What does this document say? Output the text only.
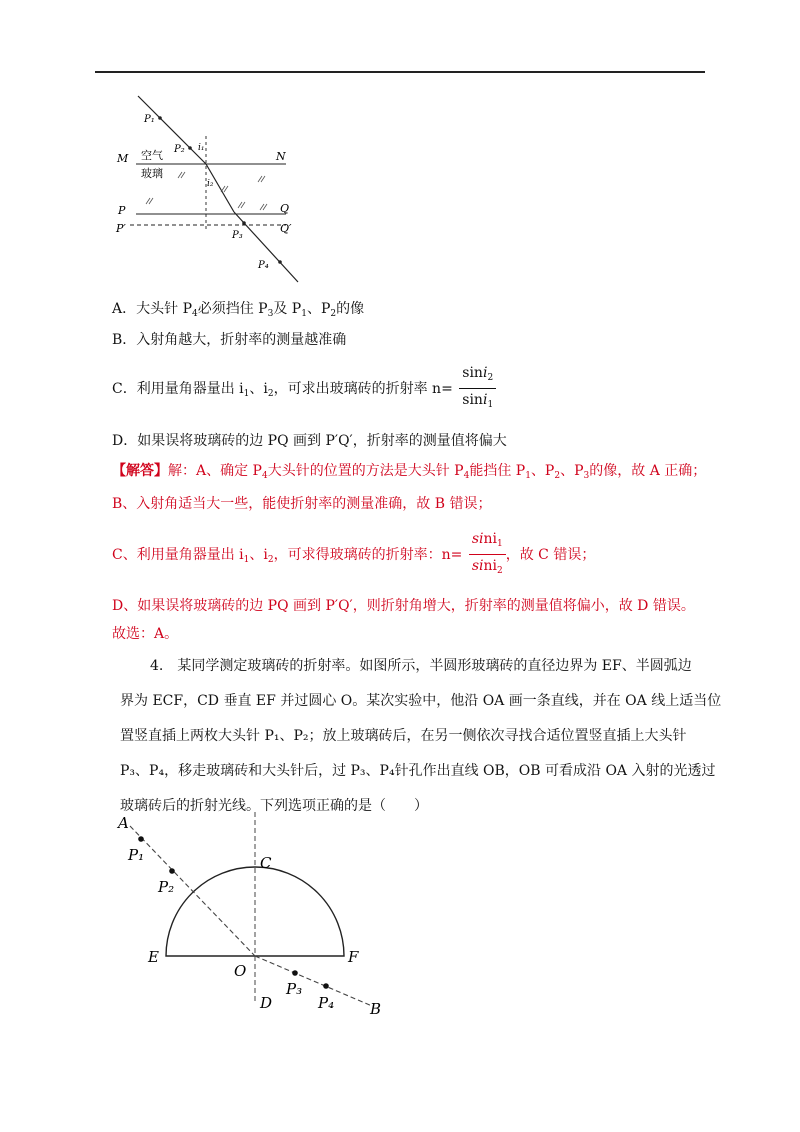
P₁
P₂ i₁
i₂
M	N
P	Q
P′	Q′
P₃
P₄
空气
玻璃
A．大头针 $P_4$必须挡住 $P_3$及 $P_1$、$P_2$的像
B．入射角越大，折射率的测量越准确
C．利用量角器量出 $i_1$、$i_2$，可求出玻璃砖的折射率 $n= \frac{\sin i_2}{\sin i_1}$
D．如果误将玻璃砖的边 PQ 画到 P′Q′，折射率的测量值将偏大
【解答】解：A、确定 $P_4$大头针的位置的方法是大头针 $P_4$能挡住 $P_1$、$P_2$、$P_3$的像，故 A 正确；
B、入射角适当大一些，能使折射率的测量准确，故 B 错误；
C、利用量角器量出 $i_1$、$i_2$，可求得玻璃砖的折射率：$n= \frac{\sin i_1}{\sin i_2}$ ，故 C 错误；
D、如果误将玻璃砖的边 PQ 画到 P′Q′，则折射角增大，折射率的测量值将偏小，故 D 错误。
故选：A。
4.　某同学测定玻璃砖的折射率。如图所示，半圆形玻璃砖的直径边界为 EF、半圆弧边
界为 ECF，CD 垂直 EF 并过圆心 O。某次实验中，他沿 OA 画一条直线，并在 OA 线上适当位
置竖直插上两枚大头针 P₁、P₂；放上玻璃砖后，在另一侧依次寻找合适位置竖直插上大头针
P₃、P₄，移走玻璃砖和大头针后，过 P₃、P₄针孔作出直线 OB，OB 可看成沿 OA 入射的光透过
玻璃砖后的折射光线。下列选项正确的是（　　）
A
P₁
P₂
C
E	F
O
D
P₃
P₄ B
